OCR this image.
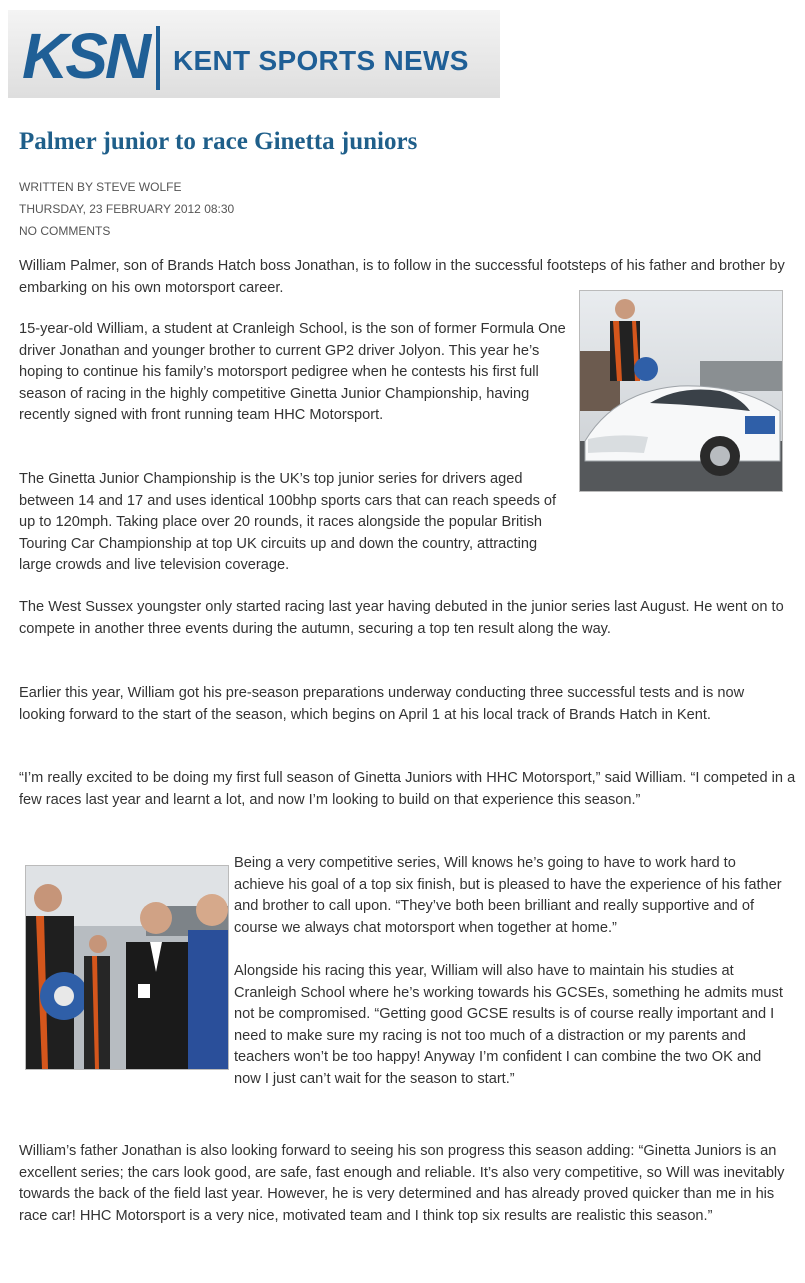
KSN KENT SPORTS NEWS
Palmer junior to race Ginetta juniors
WRITTEN BY STEVE WOLFE
THURSDAY, 23 FEBRUARY 2012 08:30
NO COMMENTS

William Palmer, son of Brands Hatch boss Jonathan, is to follow in the successful footsteps of his father and brother by embarking on his own motorsport career.

15-year-old William, a student at Cranleigh School, is the son of former Formula One driver Jonathan and younger brother to current GP2 driver Jolyon. This year he’s hoping to continue his family’s motorsport pedigree when he contests his first full season of racing in the highly competitive Ginetta Junior Championship, having recently signed with front running team HHC Motorsport.

The Ginetta Junior Championship is the UK’s top junior series for drivers aged between 14 and 17 and uses identical 100bhp sports cars that can reach speeds of up to 120mph. Taking place over 20 rounds, it races alongside the popular British Touring Car Championship at top UK circuits up and down the country, attracting large crowds and live television coverage.

The West Sussex youngster only started racing last year having debuted in the junior series last August. He went on to compete in another three events during the autumn, securing a top ten result along the way.

Earlier this year, William got his pre-season preparations underway conducting three successful tests and is now looking forward to the start of the season, which begins on April 1 at his local track of Brands Hatch in Kent.

“I’m really excited to be doing my first full season of Ginetta Juniors with HHC Motorsport,” said William. “I competed in a few races last year and learnt a lot, and now I’m looking to build on that experience this season.”

Being a very competitive series, Will knows he’s going to have to work hard to achieve his goal of a top six finish, but is pleased to have the experience of his father and brother to call upon. “They’ve both been brilliant and really supportive and of course we always chat motorsport when together at home.”

Alongside his racing this year, William will also have to maintain his studies at Cranleigh School where he’s working towards his GCSEs, something he admits must not be compromised. “Getting good GCSE results is of course really important and I need to make sure my racing is not too much of a distraction or my parents and teachers won’t be too happy! Anyway I’m confident I can combine the two OK and now I just can’t wait for the season to start.”

William’s father Jonathan is also looking forward to seeing his son progress this season adding: “Ginetta Juniors is an excellent series; the cars look good, are safe, fast enough and reliable. It’s also very competitive, so Will was inevitably towards the back of the field last year. However, he is very determined and has already proved quicker than me in his race car! HHC Motorsport is a very nice, motivated team and I think top six results are realistic this season.”
